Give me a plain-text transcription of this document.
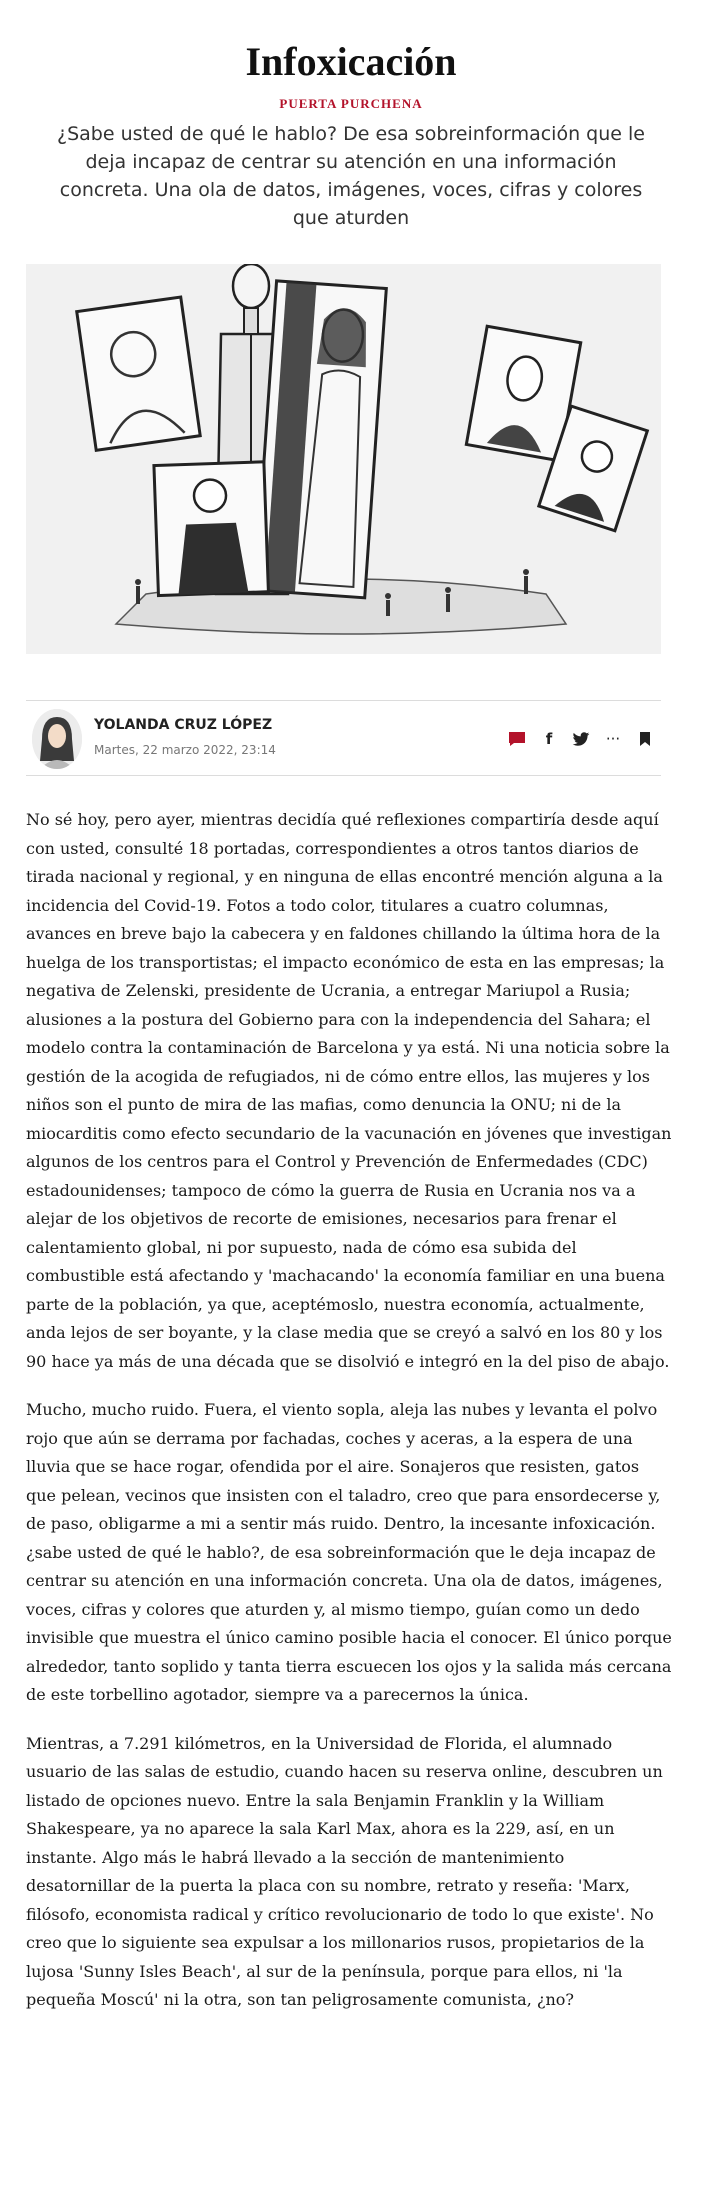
Infoxicación
PUERTA PURCHENA
¿Sabe usted de qué le hablo? De esa sobreinformación que le deja incapaz de centrar su atención en una información concreta. Una ola de datos, imágenes, voces, cifras y colores que aturden
YOLANDA CRUZ LÓPEZ
Martes, 22 marzo 2022, 23:14
f	···

No sé hoy, pero ayer, mientras decidía qué reflexiones compartiría desde aquí con usted, consulté 18 portadas, correspondientes a otros tantos diarios de tirada nacional y regional, y en ninguna de ellas encontré mención alguna a la incidencia del Covid-19. Fotos a todo color, titulares a cuatro columnas, avances en breve bajo la cabecera y en faldones chillando la última hora de la huelga de los transportistas; el impacto económico de esta en las empresas; la negativa de Zelenski, presidente de Ucrania, a entregar Mariupol a Rusia; alusiones a la postura del Gobierno para con la independencia del Sahara; el modelo contra la contaminación de Barcelona y ya está. Ni una noticia sobre la gestión de la acogida de refugiados, ni de cómo entre ellos, las mujeres y los niños son el punto de mira de las mafias, como denuncia la ONU; ni de la miocarditis como efecto secundario de la vacunación en jóvenes que investigan algunos de los centros para el Control y Prevención de Enfermedades (CDC) estadounidenses; tampoco de cómo la guerra de Rusia en Ucrania nos va a alejar de los objetivos de recorte de emisiones, necesarios para frenar el calentamiento global, ni por supuesto, nada de cómo esa subida del combustible está afectando y 'machacando' la economía familiar en una buena parte de la población, ya que, aceptémoslo, nuestra economía, actualmente, anda lejos de ser boyante, y la clase media que se creyó a salvó en los 80 y los 90 hace ya más de una década que se disolvió e integró en la del piso de abajo.

Mucho, mucho ruido. Fuera, el viento sopla, aleja las nubes y levanta el polvo rojo que aún se derrama por fachadas, coches y aceras, a la espera de una lluvia que se hace rogar, ofendida por el aire. Sonajeros que resisten, gatos que pelean, vecinos que insisten con el taladro, creo que para ensordecerse y, de paso, obligarme a mi a sentir más ruido. Dentro, la incesante infoxicación. ¿sabe usted de qué le hablo?, de esa sobreinformación que le deja incapaz de centrar su atención en una información concreta. Una ola de datos, imágenes, voces, cifras y colores que aturden y, al mismo tiempo, guían como un dedo invisible que muestra el único camino posible hacia el conocer. El único porque alrededor, tanto soplido y tanta tierra escuecen los ojos y la salida más cercana de este torbellino agotador, siempre va a parecernos la única.

Mientras, a 7.291 kilómetros, en la Universidad de Florida, el alumnado usuario de las salas de estudio, cuando hacen su reserva online, descubren un listado de opciones nuevo. Entre la sala Benjamin Franklin y la William Shakespeare, ya no aparece la sala Karl Max, ahora es la 229, así, en un instante. Algo más le habrá llevado a la sección de mantenimiento desatornillar de la puerta la placa con su nombre, retrato y reseña: 'Marx, filósofo, economista radical y crítico revolucionario de todo lo que existe'. No creo que lo siguiente sea expulsar a los millonarios rusos, propietarios de la lujosa 'Sunny Isles Beach', al sur de la península, porque para ellos, ni 'la pequeña Moscú' ni la otra, son tan peligrosamente comunista, ¿no?
